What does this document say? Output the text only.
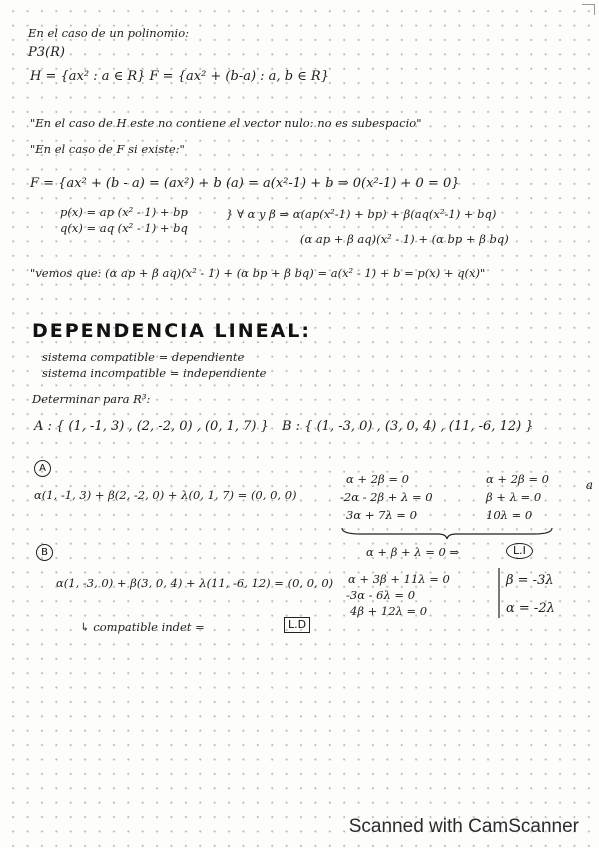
En el caso de un polinomio:
P3(R)
H = {ax² : a ∈ R} F = {ax² + (b-a) : a, b ∈ R}
"En el caso de H este no contiene el vector nulo: no es subespacio"
"En el caso de F si existe:"
F = {ax² + (b - a) = (ax²) + b (a) = a(x²-1) + b ⇒ 0(x²-1) + 0 = 0}
p(x) = ap (x² - 1) + bp
q(x) = aq (x² - 1) + bq
} ∀ α y β ⇒ α(ap(x²-1) + bp) + β(aq(x²-1) + bq)
(α ap + β aq)(x² - 1) + (α bp + β bq)
"vemos que: (α ap + β aq)(x² - 1) + (α bp + β bq) = a(x² - 1) + b = p(x) + q(x)"
DEPENDENCIA LINEAL:
sistema compatible = dependiente
sistema incompatible = independiente
Determinar para R³:
A : { (1, -1, 3) , (2, -2, 0) , (0, 1, 7) } B : { (1, -3, 0) , (3, 0, 4) , (11, -6, 12) }
A
α(1, -1, 3) + β(2, -2, 0) + λ(0, 1, 7) = (0, 0, 0)
α + 2β = 0
-2α - 2β + λ = 0
3α + 7λ = 0
α + 2β = 0
β + λ = 0
10λ = 0
α + β + λ = 0 ⇒	L.I
a
B
α(1, -3, 0) + β(3, 0, 4) + λ(11, -6, 12) = (0, 0, 0) α + 3β + 11λ = 0
-3α - 6λ = 0
4β + 12λ = 0
β = -3λ
α = -2λ
↳ compatible indet =	L.D
Scanned with CamScanner
